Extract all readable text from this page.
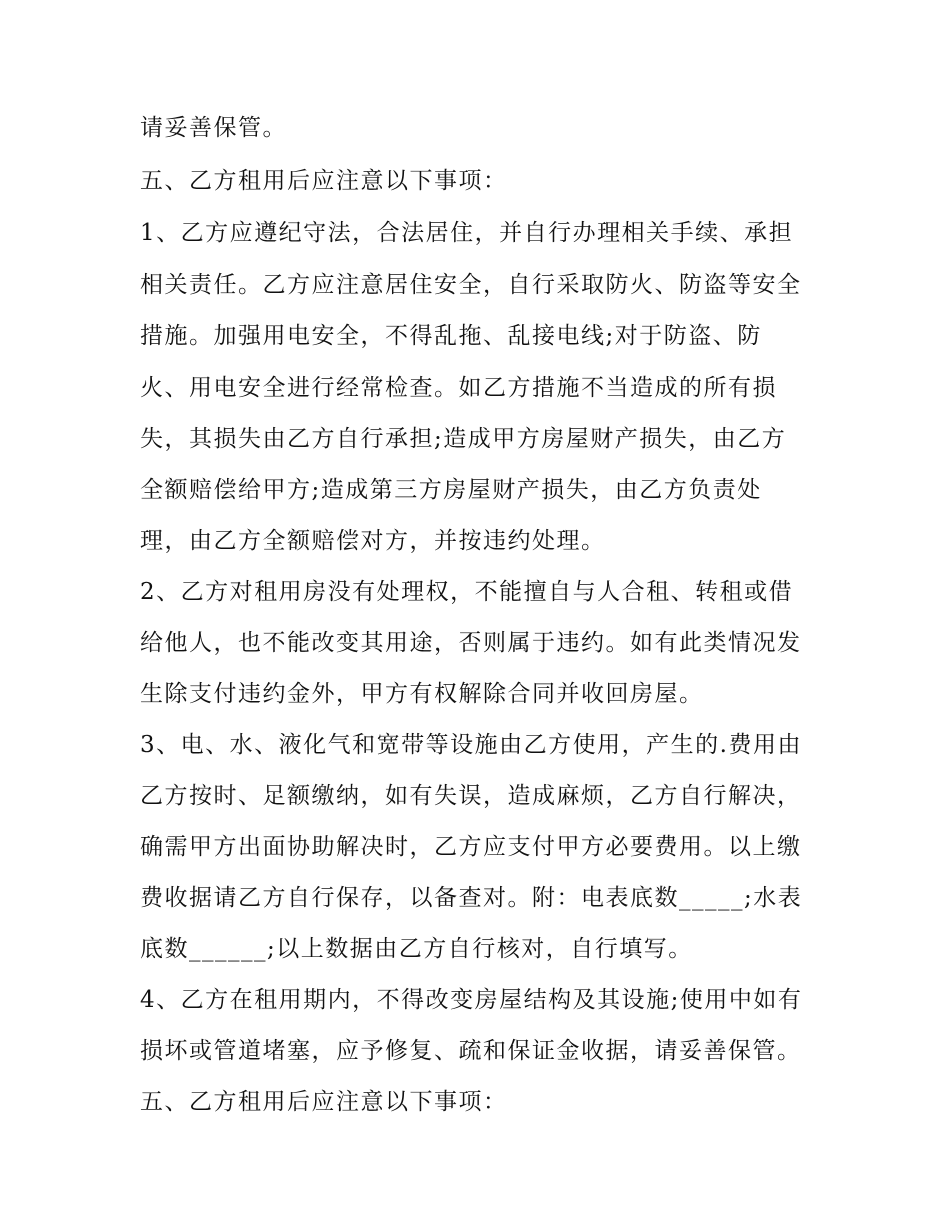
请妥善保管。
五、乙方租用后应注意以下事项：
1、乙方应遵纪守法，合法居住，并自行办理相关手续、承担
相关责任。乙方应注意居住安全，自行采取防火、防盗等安全
措施。加强用电安全，不得乱拖、乱接电线;对于防盗、防
火、用电安全进行经常检查。如乙方措施不当造成的所有损
失，其损失由乙方自行承担;造成甲方房屋财产损失，由乙方
全额赔偿给甲方;造成第三方房屋财产损失，由乙方负责处
理，由乙方全额赔偿对方，并按违约处理。
2、乙方对租用房没有处理权，不能擅自与人合租、转租或借
给他人，也不能改变其用途，否则属于违约。如有此类情况发
生除支付违约金外，甲方有权解除合同并收回房屋。
3、电、水、液化气和宽带等设施由乙方使用，产生的.费用由
乙方按时、足额缴纳，如有失误，造成麻烦，乙方自行解决，
确需甲方出面协助解决时，乙方应支付甲方必要费用。以上缴
费收据请乙方自行保存，以备查对。附：电表底数_____;水表
底数______;以上数据由乙方自行核对，自行填写。
4、乙方在租用期内，不得改变房屋结构及其设施;使用中如有
损坏或管道堵塞，应予修复、疏和保证金收据，请妥善保管。
五、乙方租用后应注意以下事项：
